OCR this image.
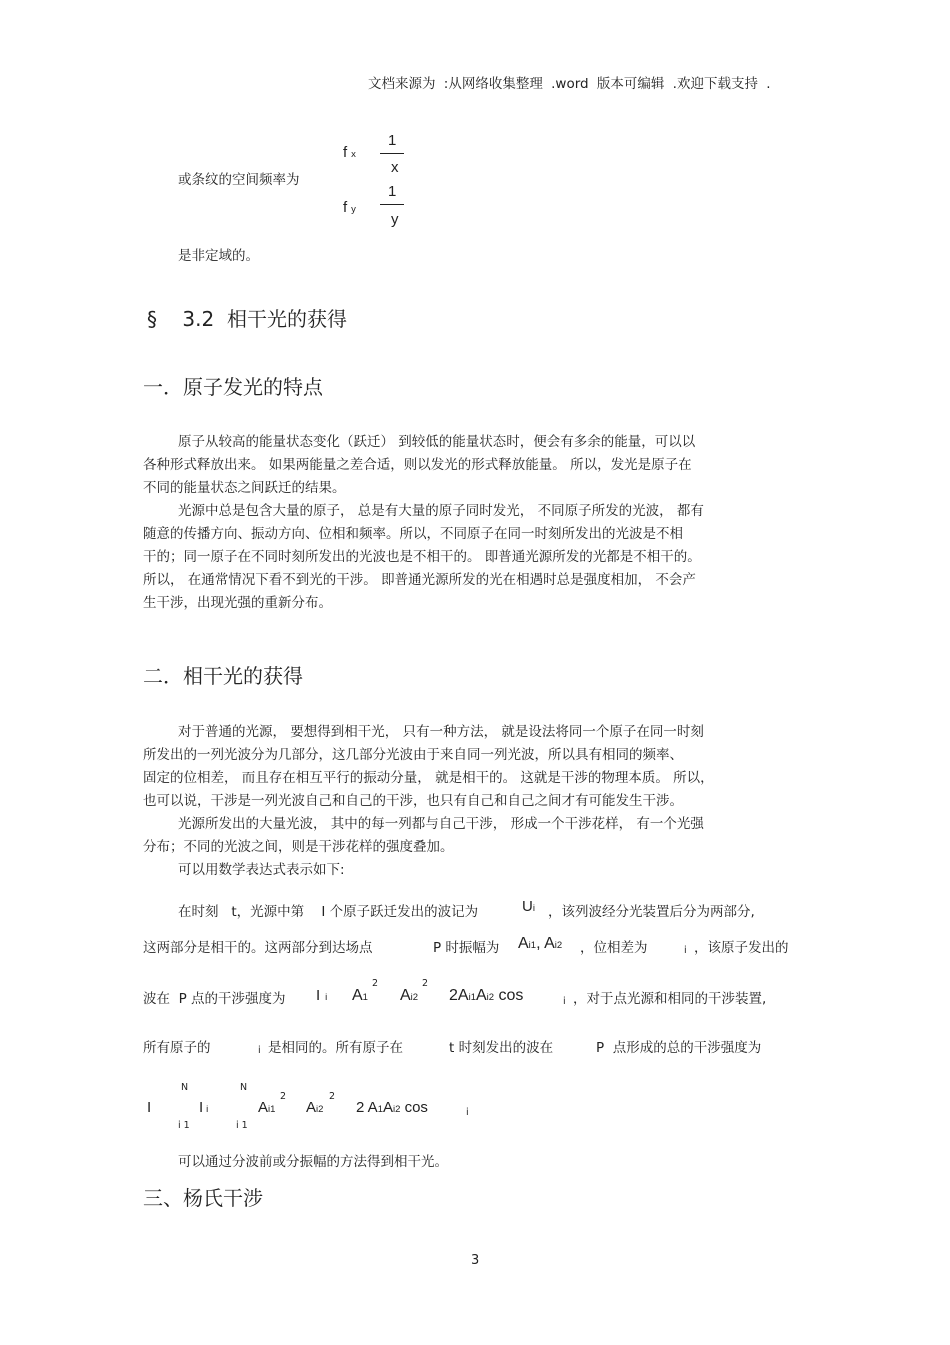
文档来源为 :从网络收集整理 .word 版本可编辑 .欢迎下载支持 .
或条纹的空间频率为
fx
1
x
fy
1
y
是非定域的。
§    3.2  相干光的获得
一．原子发光的特点

原子从较高的能量状态变化（跃迁） 到较低的能量状态时，便会有多余的能量，可以以

各种形式释放出来。 如果两能量之差合适，则以发光的形式释放能量。 所以，发光是原子在

不同的能量状态之间跃迁的结果。

光源中总是包含大量的原子， 总是有大量的原子同时发光， 不同原子所发的光波， 都有

随意的传播方向、振动方向、位相和频率。所以，不同原子在同一时刻所发出的光波是不相

干的；同一原子在不同时刻所发出的光波也是不相干的。 即普通光源所发的光都是不相干的。

所以， 在通常情况下看不到光的干涉。 即普通光源所发的光在相遇时总是强度相加， 不会产

生干涉，出现光强的重新分布。

二．相干光的获得

对于普通的光源， 要想得到相干光， 只有一种方法， 就是设法将同一个原子在同一时刻

所发出的一列光波分为几部分，这几部分光波由于来自同一列光波，所以具有相同的频率、

固定的位相差， 而且存在相互平行的振动分量， 就是相干的。 这就是干涉的物理本质。 所以，

也可以说，干涉是一列光波自己和自己的干涉，也只有自己和自己之间才有可能发生干涉。

光源所发出的大量光波， 其中的每一列都与自己干涉， 形成一个干涉花样， 有一个光强

分布；不同的光波之间，则是干涉花样的强度叠加。

可以用数学表达式表示如下:

在时刻   t，光源中第    I 个原子跃迁发出的波记为	Ui ，该列波经分光装置后分为两部分,
这两部分是相干的。这两部分到达场点	P 时振幅为 Ai1, Ai2 ，位相差为	i ，该原子发出的
波在  P 点的干涉强度为 Ii A1
2
Ai2
2
2Ai1Ai2 cos	i ，对于点光源和相同的干涉装置,
所有原子的	i 是相同的。所有原子在	t 时刻发出的波在	P  点形成的总的干涉强度为
I
N
Ii
i 1
N
i 1
Ai1
2
Ai2
2
2 A1Ai2 cos	i
可以通过分波前或分振幅的方法得到相干光。
三、杨氏干涉
3
